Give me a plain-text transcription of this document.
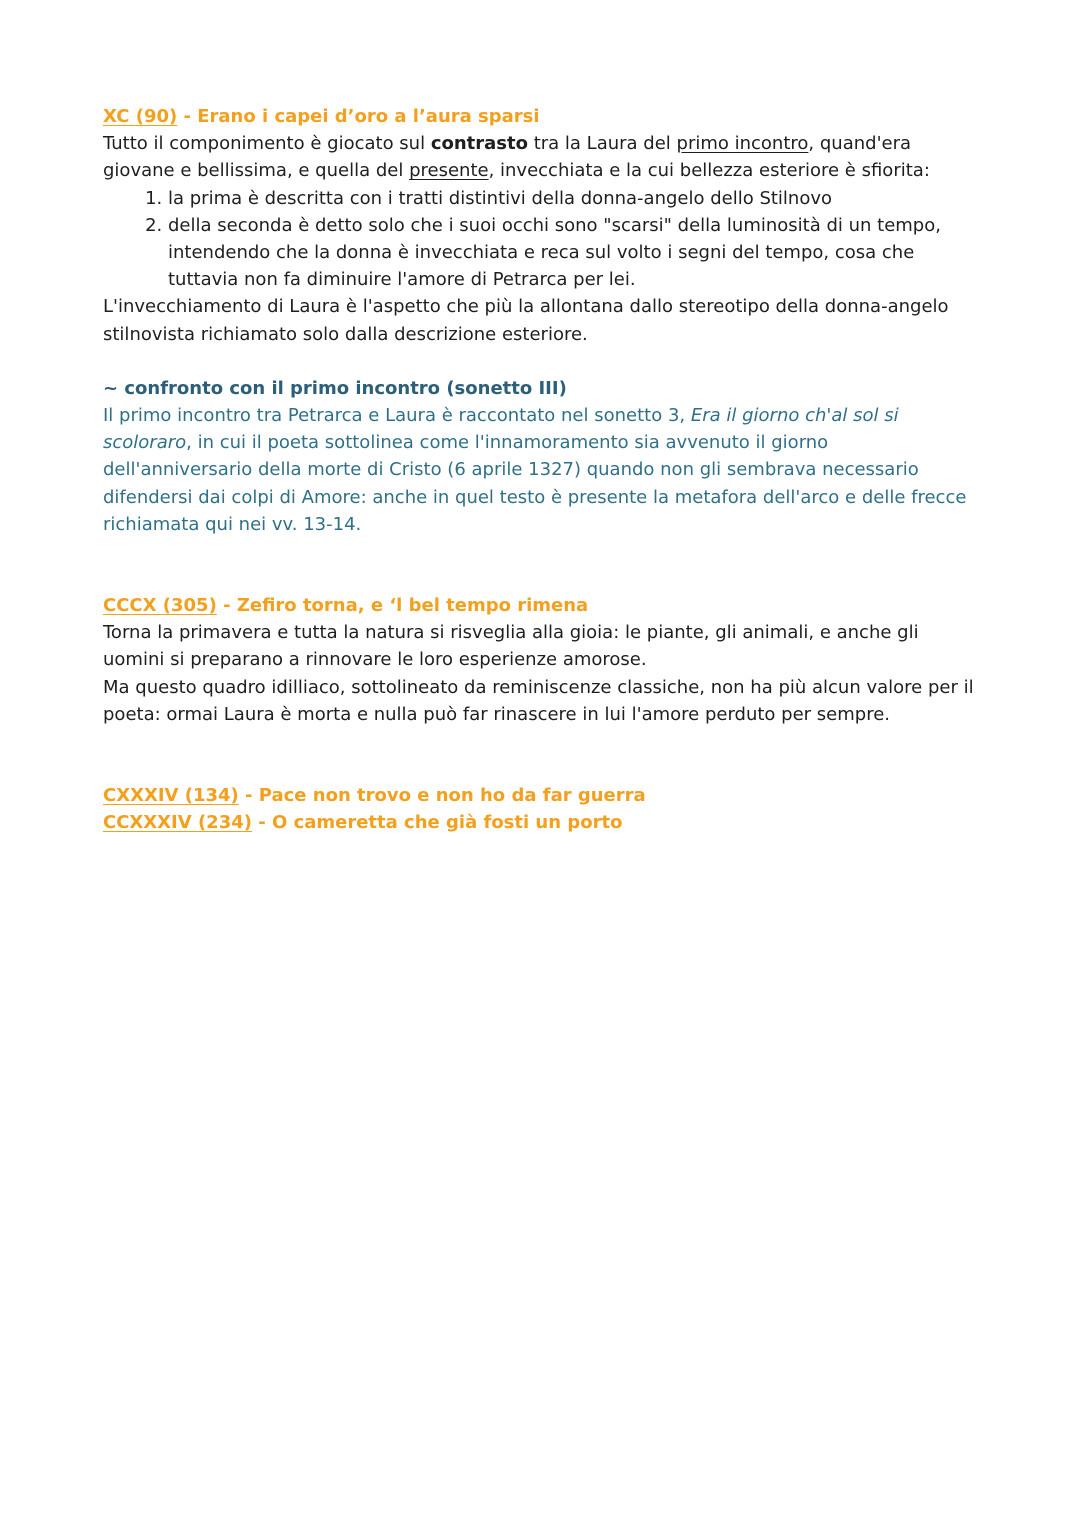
XC (90) - Erano i capei d’oro a l’aura sparsi

Tutto il componimento è giocato sul contrasto tra la Laura del primo incontro, quand'era giovane e bellissima, e quella del presente, invecchiata e la cui bellezza esteriore è sfiorita:

1. la prima è descritta con i tratti distintivi della donna-angelo dello Stilnovo
2. della seconda è detto solo che i suoi occhi sono "scarsi" della luminosità di un tempo, intendendo che la donna è invecchiata e reca sul volto i segni del tempo, cosa che tuttavia non fa diminuire l'amore di Petrarca per lei.

L'invecchiamento di Laura è l'aspetto che più la allontana dallo stereotipo della donna-angelo stilnovista richiamato solo dalla descrizione esteriore.

~ confronto con il primo incontro (sonetto III)

Il primo incontro tra Petrarca e Laura è raccontato nel sonetto 3, Era il giorno ch'al sol si scoloraro, in cui il poeta sottolinea come l'innamoramento sia avvenuto il giorno dell'anniversario della morte di Cristo (6 aprile 1327) quando non gli sembrava necessario difendersi dai colpi di Amore: anche in quel testo è presente la metafora dell'arco e delle frecce richiamata qui nei vv. 13-14.

CCCX (305) - Zefiro torna, e ‘l bel tempo rimena

Torna la primavera e tutta la natura si risveglia alla gioia: le piante, gli animali, e anche gli uomini si preparano a rinnovare le loro esperienze amorose.

Ma questo quadro idilliaco, sottolineato da reminiscenze classiche, non ha più alcun valore per il poeta: ormai Laura è morta e nulla può far rinascere in lui l'amore perduto per sempre.

CXXXIV (134) - Pace non trovo e non ho da far guerra

CCXXXIV (234) - O cameretta che già fosti un porto
